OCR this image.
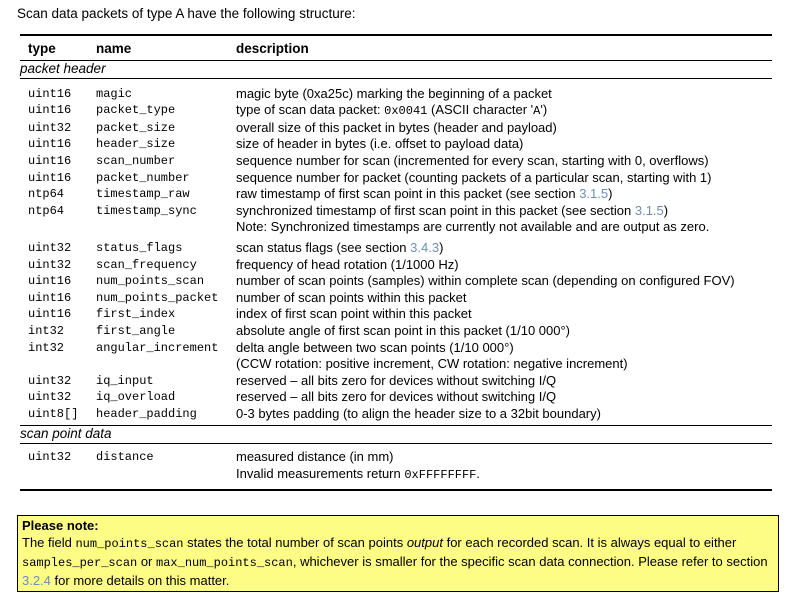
Scan data packets of type A have the following structure:
type	name	description
packet header		

uint16	magic	magic byte (0xa25c) marking the beginning of a packet
uint16	packet_type	type of scan data packet: 0x0041 (ASCII character 'A')
uint32	packet_size	overall size of this packet in bytes (header and payload)
uint16	header_size	size of header in bytes (i.e. offset to payload data)
uint16	scan_number	sequence number for scan (incremented for every scan, starting with 0, overflows)
uint16	packet_number	sequence number for packet (counting packets of a particular scan, starting with 1)
ntp64	timestamp_raw	raw timestamp of first scan point in this packet (see section 3.1.5)
ntp64	timestamp_sync	synchronized timestamp of first scan point in this packet (see section 3.1.5)
Note: Synchronized timestamps are currently not available and are output as zero.

uint32	status_flags	scan status flags (see section 3.4.3)
uint32	scan_frequency	frequency of head rotation (1/1000 Hz)
uint16	num_points_scan	number of scan points (samples) within complete scan (depending on configured FOV)
uint16	num_points_packet	number of scan points within this packet
uint16	first_index	index of first scan point within this packet
int32	first_angle	absolute angle of first scan point in this packet (1/10 000°)
int32	angular_increment	delta angle between two scan points (1/10 000°)
(CCW rotation: positive increment, CW rotation: negative increment)
uint32	iq_input	reserved – all bits zero for devices without switching I/Q
uint32	iq_overload	reserved – all bits zero for devices without switching I/Q
uint8[]	header_padding	0-3 bytes padding (to align the header size to a 32bit boundary)

scan point data		

uint32	distance	measured distance (in mm)
Invalid measurements return 0xFFFFFFFF.

Please note:
The field num_points_scan states the total number of scan points output for each recorded scan. It is always equal to either samples_per_scan or max_num_points_scan, whichever is smaller for the specific scan data connection. Please refer to section 3.2.4 for more details on this matter.
